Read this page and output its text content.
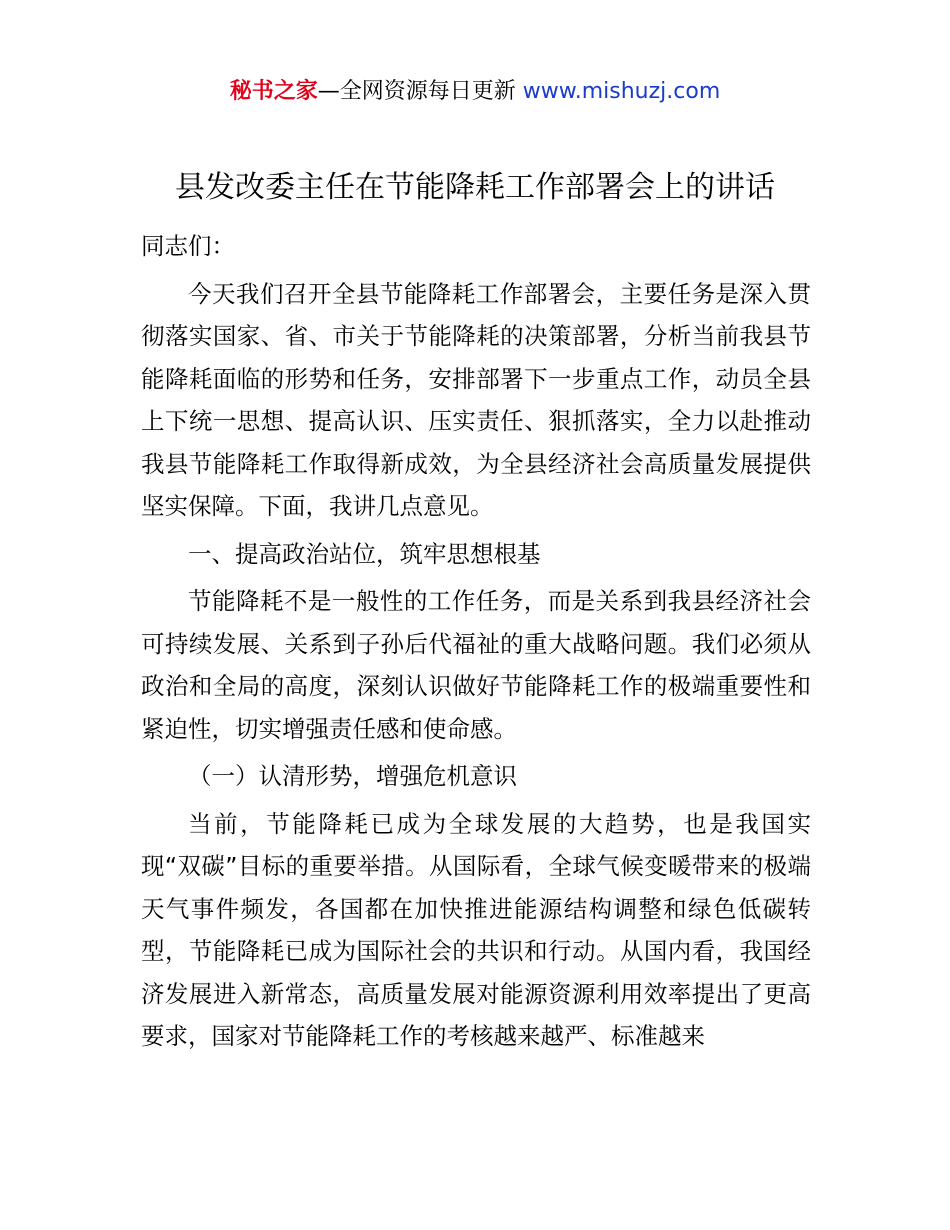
秘书之家—全网资源每日更新 www.mishuzj.com
县发改委主任在节能降耗工作部署会上的讲话

同志们：

今天我们召开全县节能降耗工作部署会，主要任务是深入贯彻落实国家、省、市关于节能降耗的决策部署，分析当前我县节能降耗面临的形势和任务，安排部署下一步重点工作，动员全县上下统一思想、提高认识、压实责任、狠抓落实，全力以赴推动我县节能降耗工作取得新成效，为全县经济社会高质量发展提供坚实保障。下面，我讲几点意见。

一、提高政治站位，筑牢思想根基

节能降耗不是一般性的工作任务，而是关系到我县经济社会可持续发展、关系到子孙后代福祉的重大战略问题。我们必须从政治和全局的高度，深刻认识做好节能降耗工作的极端重要性和紧迫性，切实增强责任感和使命感。

（一）认清形势，增强危机意识

当前，节能降耗已成为全球发展的大趋势，也是我国实现“双碳”目标的重要举措。从国际看，全球气候变暖带来的极端天气事件频发，各国都在加快推进能源结构调整和绿色低碳转型，节能降耗已成为国际社会的共识和行动。从国内看，我国经济发展进入新常态，高质量发展对能源资源利用效率提出了更高要求，国家对节能降耗工作的考核越来越严、标准越来
